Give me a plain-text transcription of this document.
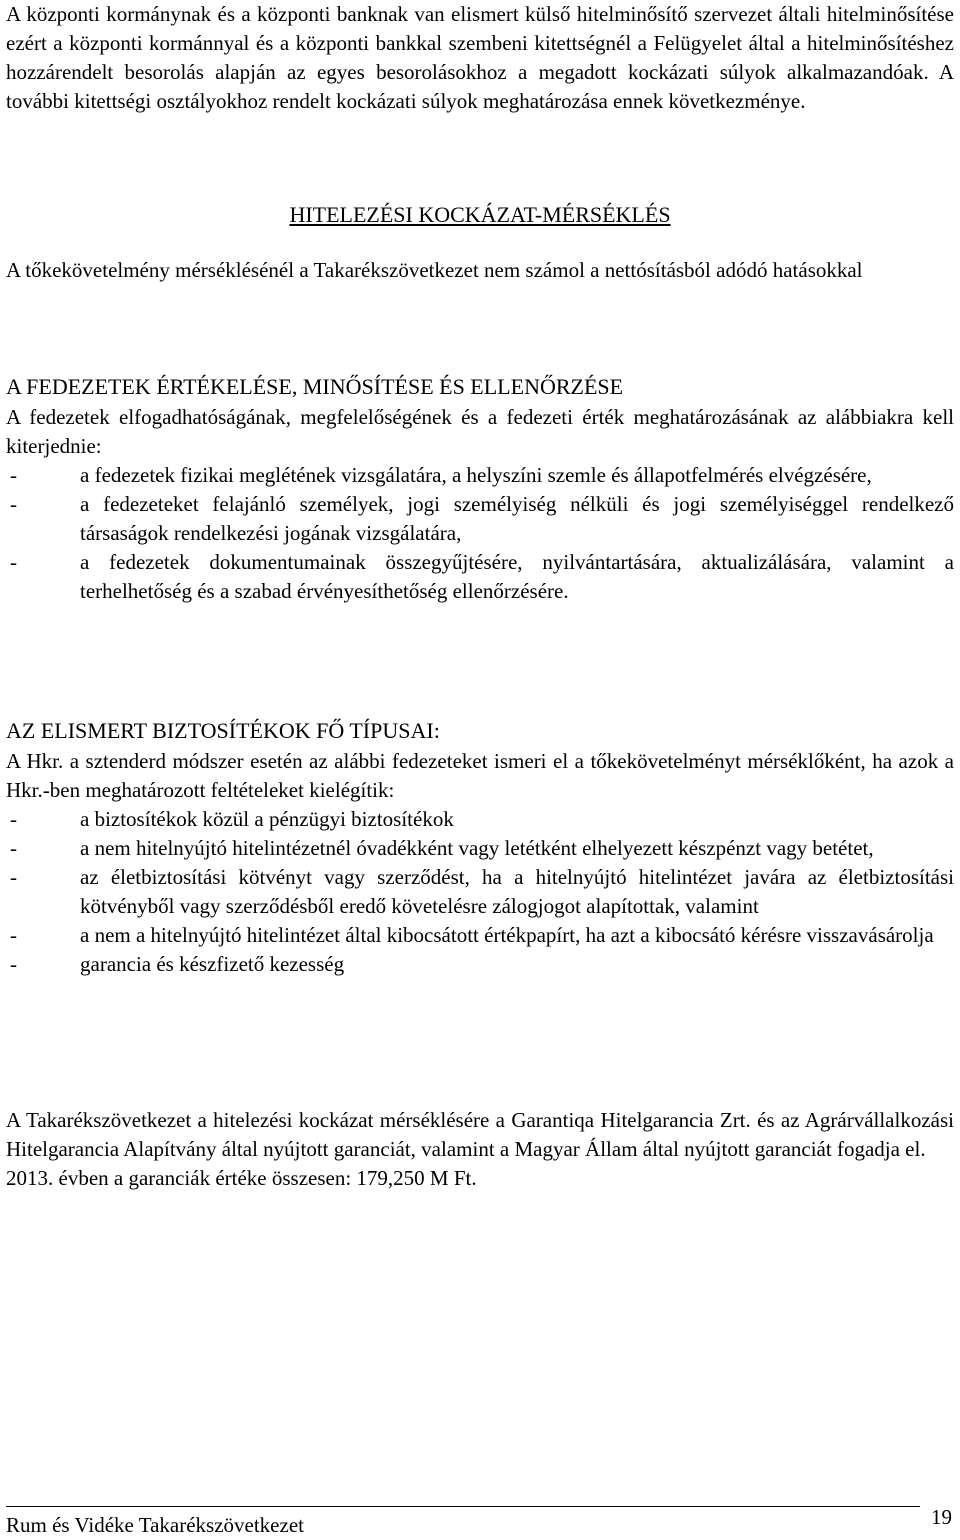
A központi kormánynak és a központi banknak van elismert külső hitelminősítő szervezet általi hitelminősítése ezért a központi kormánnyal és a központi bankkal szembeni kitettségnél a Felügyelet által a hitelminősítéshez hozzárendelt besorolás alapján az egyes besorolásokhoz a megadott kockázati súlyok alkalmazandóak. A további kitettségi osztályokhoz rendelt kockázati súlyok meghatározása ennek következménye.

HITELEZÉSI KOCKÁZAT-MÉRSÉKLÉS

A tőkekövetelmény mérséklésénél a Takarékszövetkezet nem számol a nettósításból adódó hatásokkal

A FEDEZETEK ÉRTÉKELÉSE, MINŐSÍTÉSE ÉS ELLENŐRZÉSE

A fedezetek elfogadhatóságának, megfelelőségének és a fedezeti érték meghatározásának az alábbiakra kell kiterjednie:

-	a fedezetek fizikai meglétének vizsgálatára, a helyszíni szemle és állapotfelmérés elvégzésére,
-	a fedezeteket felajánló személyek, jogi személyiség nélküli és jogi személyiséggel rendelkező társaságok rendelkezési jogának vizsgálatára,
-	a fedezetek dokumentumainak összegyűjtésére, nyilvántartására, aktualizálására, valamint a terhelhetőség és a szabad érvényesíthetőség ellenőrzésére.

AZ ELISMERT BIZTOSÍTÉKOK FŐ TÍPUSAI:

A Hkr. a sztenderd módszer esetén az alábbi fedezeteket ismeri el a tőkekövetelményt mérséklőként, ha azok a Hkr.-ben meghatározott feltételeket kielégítik:

-	a biztosítékok közül a pénzügyi biztosítékok
-	a nem hitelnyújtó hitelintézetnél óvadékként vagy letétként elhelyezett készpénzt vagy betétet,
-	az életbiztosítási kötvényt vagy szerződést, ha a hitelnyújtó hitelintézet javára az életbiztosítási kötvényből vagy szerződésből eredő követelésre zálogjogot alapítottak, valamint
-	a nem a hitelnyújtó hitelintézet által kibocsátott értékpapírt, ha azt a kibocsátó kérésre visszavásárolja
-	garancia és készfizető kezesség

A Takarékszövetkezet a hitelezési kockázat mérséklésére a Garantiqa Hitelgarancia Zrt. és az Agrárvállalkozási Hitelgarancia Alapítvány által nyújtott garanciát, valamint a Magyar Állam által nyújtott garanciát fogadja el.

2013. évben a garanciák értéke összesen: 179,250 M Ft.

Rum és Vidéke Takarékszövetkezet	19
